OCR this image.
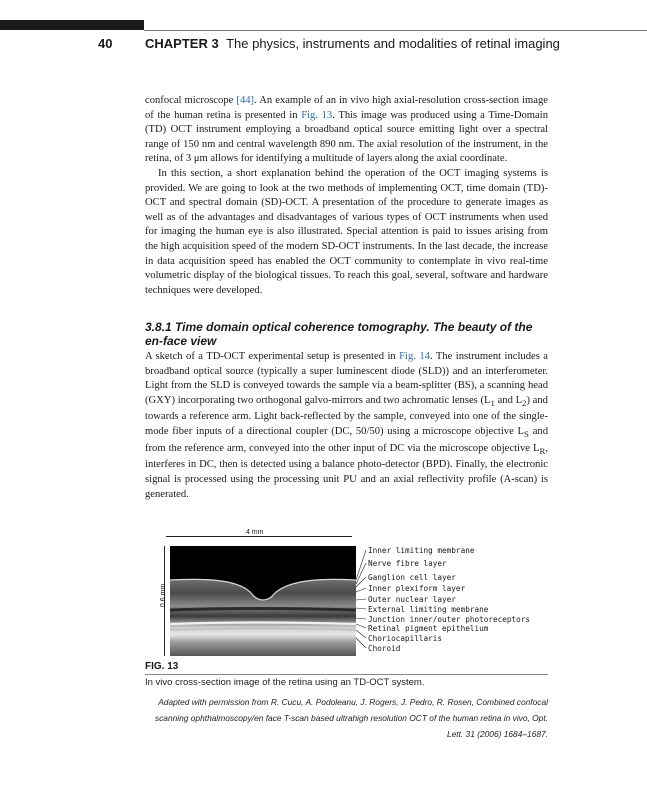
40	CHAPTER 3 The physics, instruments and modalities of retinal imaging

confocal microscope [44]. An example of an in vivo high axial-resolution cross-section image of the human retina is presented in Fig. 13. This image was produced using a Time-Domain (TD) OCT instrument employing a broadband optical source emitting light over a spectral range of 150 nm and central wavelength 890 nm. The axial resolution of the instrument, in the retina, of 3 μm allows for identifying a multitude of layers along the axial coordinate.

In this section, a short explanation behind the operation of the OCT imaging systems is provided. We are going to look at the two methods of implementing OCT, time domain (TD)-OCT and spectral domain (SD)-OCT. A presentation of the procedure to generate images as well as of the advantages and disadvantages of various types of OCT instruments when used for imaging the human eye is also illustrated. Special attention is paid to issues arising from the high acquisition speed of the modern SD-OCT instruments. In the last decade, the increase in data acquisition speed has enabled the OCT community to contemplate in vivo real-time volumetric display of the biological tissues. To reach this goal, several, software and hardware techniques were developed.

3.8.1 Time domain optical coherence tomography. The beauty of the en-face view

A sketch of a TD-OCT experimental setup is presented in Fig. 14. The instrument includes a broadband optical source (typically a super luminescent diode (SLD)) and an interferometer. Light from the SLD is conveyed towards the sample via a beam-splitter (BS), a scanning head (GXY) incorporating two orthogonal galvo-mirrors and two achromatic lenses ($L_1$ and $L_2$) and towards a reference arm. Light back-reflected by the sample, conveyed into one of the single-mode fiber inputs of a directional coupler (DC, 50/50) using a microscope objective $L_S$ and from the reference arm, conveyed into the other input of DC via the microscope objective $L_R$, interferes in DC, then is detected using a balance photo-detector (BPD). Finally, the electronic signal is processed using the processing unit PU and an axial reflectivity profile (A-scan) is generated.

4 mm
0.6 mm
Inner limiting membrane
Nerve fibre layer
Ganglion cell layer
Inner plexiform layer
Outer nuclear layer
External limiting membrane
Junction inner/outer photoreceptors
Retinal pigment epithelium
Choriocapillaris
Choroid
FIG. 13
In vivo cross-section image of the retina using an TD-OCT system.
Adapted with permission from R. Cucu, A. Podoleanu, J. Rogers, J. Pedro, R. Rosen, Combined confocal
scanning ophthalmoscopy/en face T-scan based ultrahigh resolution OCT of the human retina in vivo, Opt.
Lett. 31 (2006) 1684–1687.
